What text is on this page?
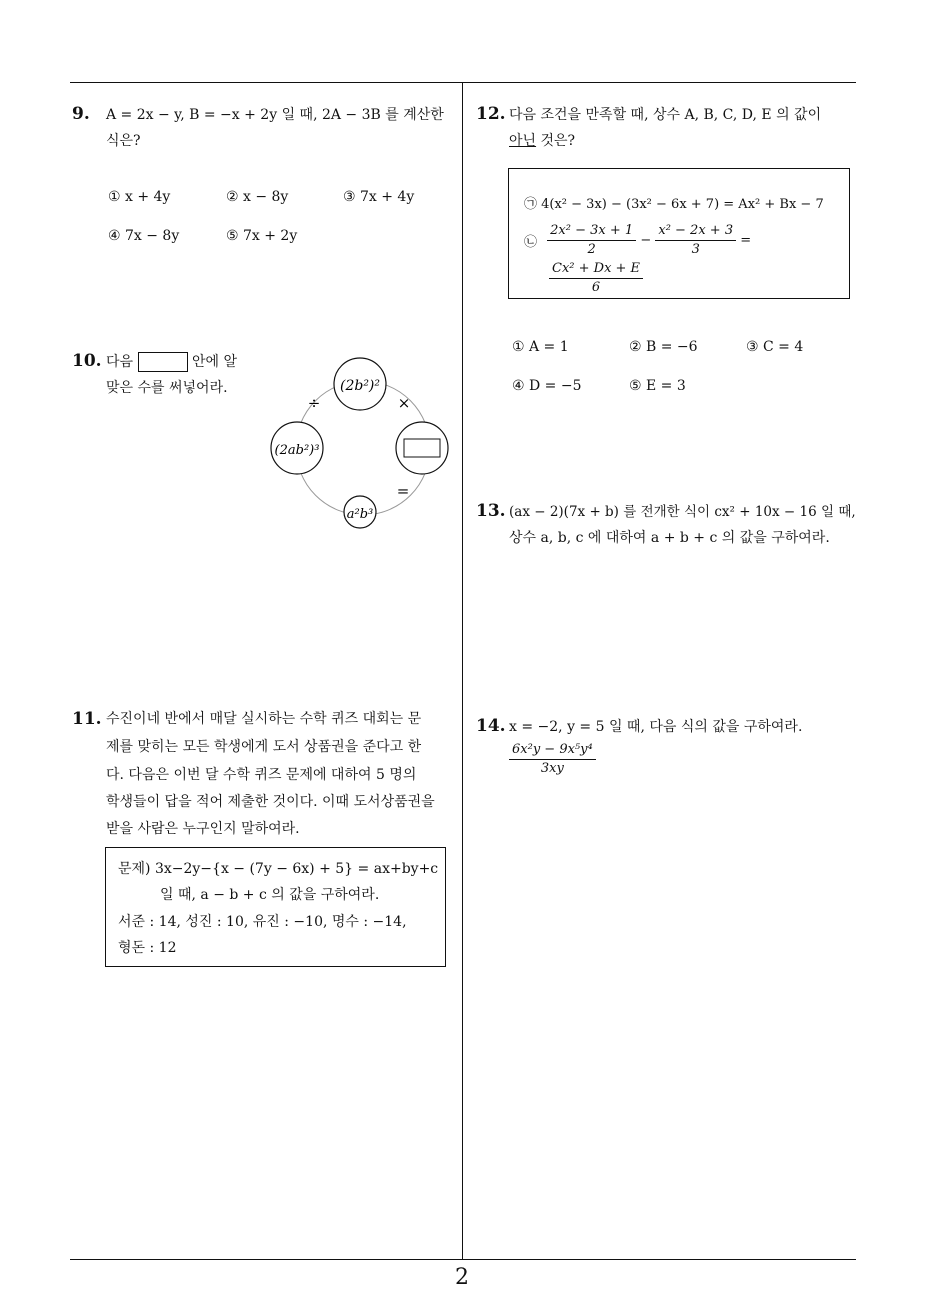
9. A = 2x − y, B = −x + 2y 일 때, 2A − 3B 를 계산한
식은?
① x + 4y	② x − 8y	③ 7x + 4y
④ 7x − 8y	⑤ 7x + 2y
10. 다음	안에 알
맞은 수를 써넣어라.	(2b²)²
(2ab²)³
a²b³
÷	×
=
11. 수진이네 반에서 매달 실시하는 수학 퀴즈 대회는 문
제를 맞히는 모든 학생에게 도서 상품권을 준다고 한
다. 다음은 이번 달 수학 퀴즈 문제에 대하여 5 명의
학생들이 답을 적어 제출한 것이다. 이때 도서상품권을
받을 사람은 누구인지 말하여라.
문제) 3x−2y−{x − (7y − 6x) + 5} = ax+by+c
일 때, a − b + c 의 값을 구하여라.
서준 : 14, 성진 : 10, 유진 : −10, 명수 : −14,
형돈 : 12
12. 다음 조건을 만족할 때, 상수 A, B, C, D, E 의 값이
아닌 것은?
㉠ 4(x² − 3x) − (3x² − 6x + 7) = Ax² + Bx − 7
㉡ $\frac{\text{2x² − 3x + 1}}{2} - \frac{\text{x² − 2x + 3}}{3}$ =
$\frac{\text{Cx² + Dx + E}}{6}$
① A = 1	② B = −6	③ C = 4
④ D = −5	⑤ E = 3
13. (ax − 2)(7x + b) 를 전개한 식이 cx² + 10x − 16 일 때,
상수 a, b, c 에 대하여 a + b + c 의 값을 구하여라.
14. x = −2, y = 5 일 때, 다음 식의 값을 구하여라.
$\frac{\text{6x²y − 9x⁵y⁴}}{3xy}$
2
